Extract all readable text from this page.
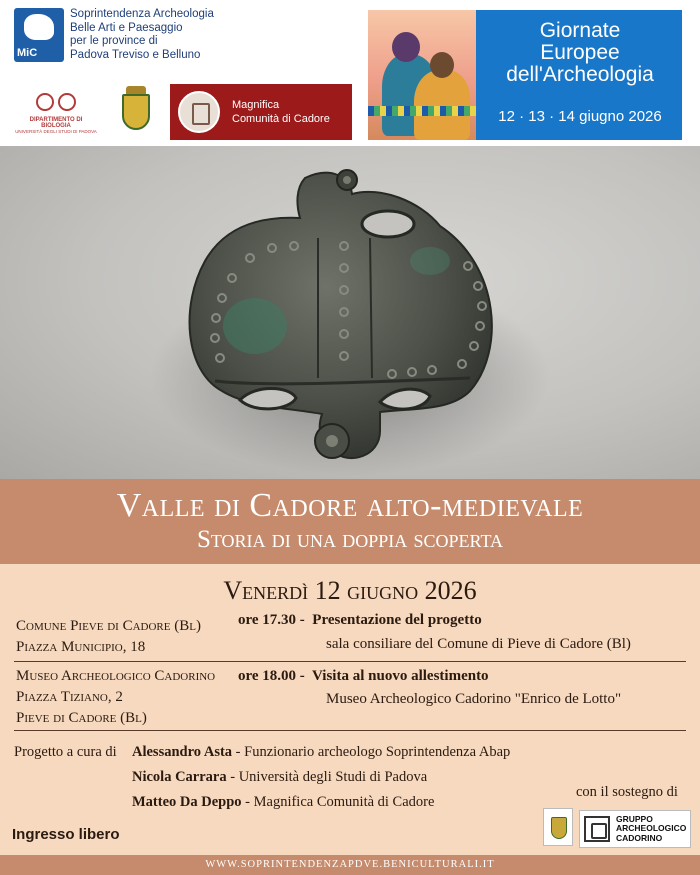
MiC
Soprintendenza Archeologia
Belle Arti e Paesaggio
per le province di
Padova Treviso e Belluno
DIPARTIMENTO DI BIOLOGIA
UNIVERSITÀ DEGLI STUDI DI PADOVA
Magnifica
Comunità di Cadore
Giornate
Europee
dell'Archeologia
12 · 13 · 14 giugno 2026
Valle di Cadore alto-medievale
Storia di una doppia scoperta
Venerdì 12 giugno 2026
Comune Pieve di Cadore (Bl)
Piazza Municipio, 18
ore 17.30 - Presentazione del progetto
sala consiliare del Comune di Pieve di Cadore (Bl)
Museo Archeologico Cadorino
Piazza Tiziano, 2
Pieve di Cadore (Bl)
ore 18.00 - Visita al nuovo allestimento
Museo Archeologico Cadorino "Enrico de Lotto"
Progetto a cura di Alessandro Asta - Funzionario archeologo Soprintendenza Abap
Nicola Carrara - Università degli Studi di Padova
Matteo Da Deppo - Magnifica Comunità di Cadore
con il sostegno di
Ingresso libero
GRUPPO
ARCHEOLOGICO
CADORINO
WWW.SOPRINTENDENZAPDVE.BENICULTURALI.IT
